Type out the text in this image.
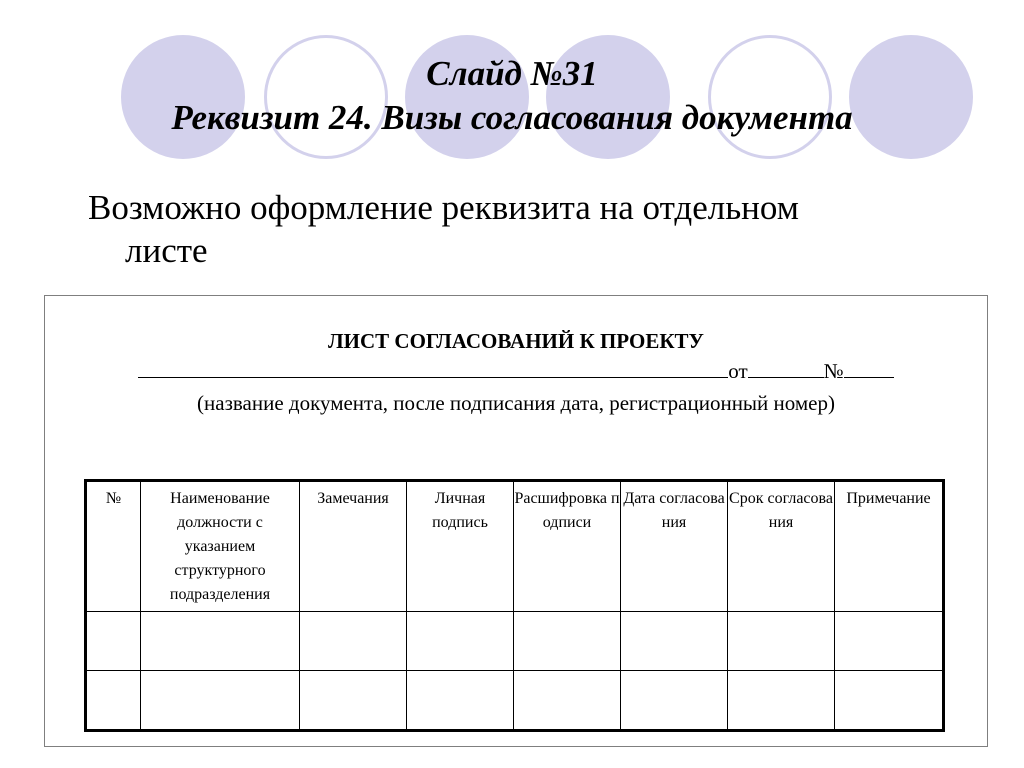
Слайд №31
Реквизит 24. Визы согласования документа
Возможно оформление реквизита на отдельном
листе
ЛИСТ СОГЛАСОВАНИЙ К ПРОЕКТУ
от	№
(название документа, после подписания дата, регистрационный номер)
№	Наименование должности с указанием структурного подразделения	Замечания	Личная подпись	Расшифровка подписи	Дата согласования	Срок согласования	Примечание
